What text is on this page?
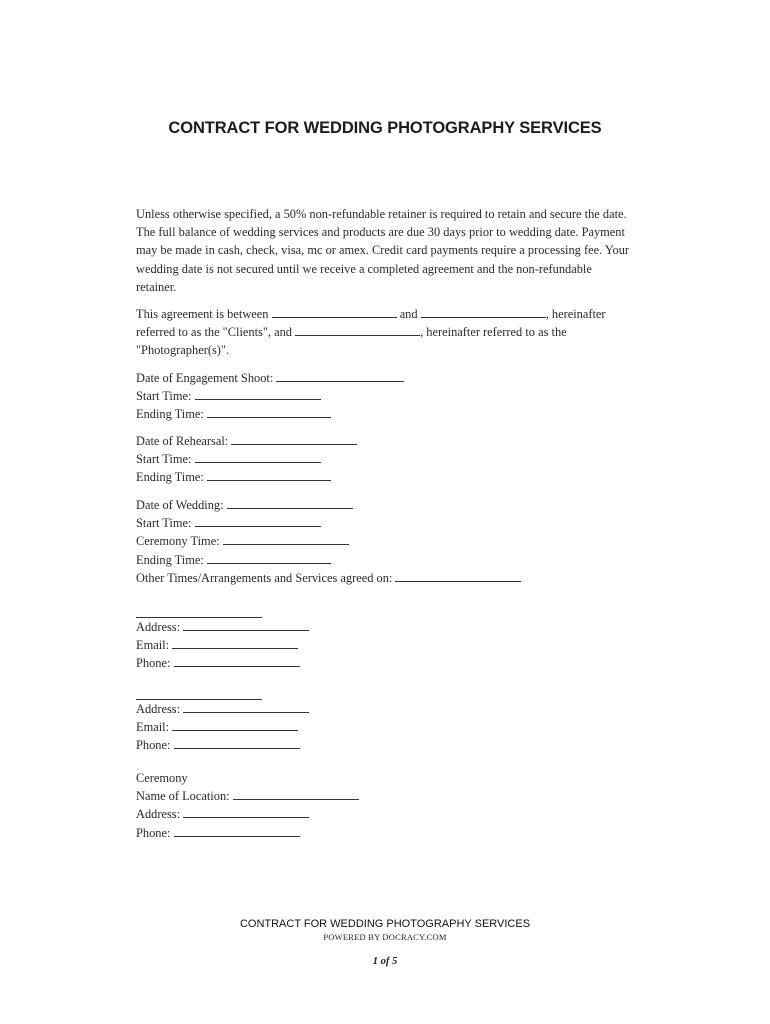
CONTRACT FOR WEDDING PHOTOGRAPHY SERVICES
Unless otherwise specified, a 50% non-refundable retainer is required to retain and secure the date.
The full balance of wedding services and products are due 30 days prior to wedding date. Payment
may be made in cash, check, visa, mc or amex. Credit card payments require a processing fee. Your
wedding date is not secured until we receive a completed agreement and the non-refundable
retainer.
This agreement is between	and	, hereinafter
referred to as the "Clients", and	, hereinafter referred to as the
"Photographer(s)".
Date of Engagement Shoot:
Start Time:
Ending Time:
Date of Rehearsal:
Start Time:
Ending Time:
Date of Wedding:
Start Time:
Ceremony Time:
Ending Time:
Other Times/Arrangements and Services agreed on:
Address:
Email:
Phone:
Address:
Email:
Phone:
Ceremony
Name of Location:
Address:
Phone:
CONTRACT FOR WEDDING PHOTOGRAPHY SERVICES
POWERED BY DOCRACY.COM
1 of 5
